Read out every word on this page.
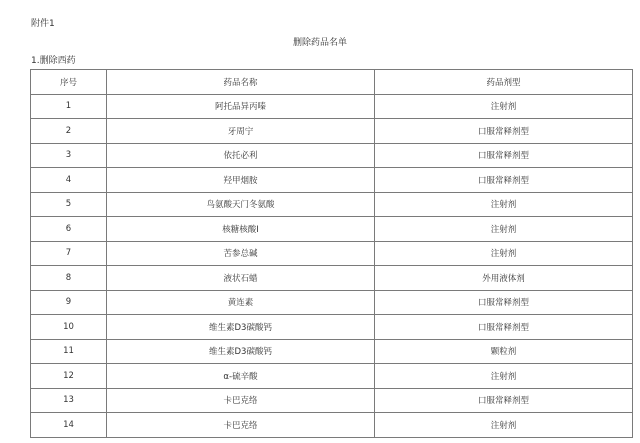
附件1
删除药品名单
1.删除西药
序号	药品名称	药品剂型
1	阿托品异丙嗪	注射剂
2	牙周宁	口服常释剂型
3	依托必利	口服常释剂型
4	羟甲烟胺	口服常释剂型
5	鸟氨酸天门冬氨酸	注射剂
6	核糖核酸Ⅰ	注射剂
7	苦参总碱	注射剂
8	液状石蜡	外用液体剂
9	黄连素	口服常释剂型
10	维生素D3碳酸钙	口服常释剂型
11	维生素D3碳酸钙	颗粒剂
12	α-硫辛酸	注射剂
13	卡巴克络	口服常释剂型
14	卡巴克络	注射剂
